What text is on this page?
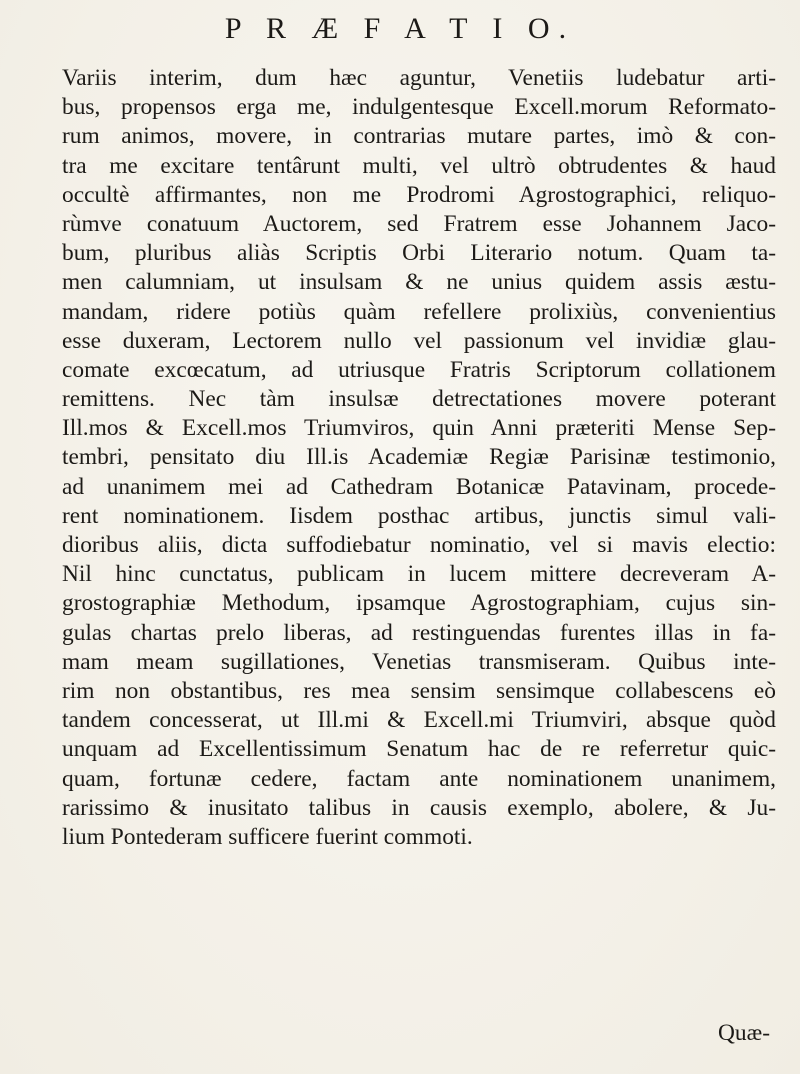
P R Æ F A T I O.
Variis interim, dum hæc aguntur, Venetiis ludebatur arti-
bus, propensos erga me, indulgentesque Excell.morum Reformato-
rum animos, movere, in contrarias mutare partes, imò & con-
tra me excitare tentârunt multi, vel ultrò obtrudentes & haud
occultè affirmantes, non me Prodromi Agrostographici, reliquo-
rùmve conatuum Auctorem, sed Fratrem esse Johannem Jaco-
bum, pluribus aliàs Scriptis Orbi Literario notum. Quam ta-
men calumniam, ut insulsam & ne unius quidem assis æstu-
mandam, ridere potiùs quàm refellere prolixiùs, convenientius
esse duxeram, Lectorem nullo vel passionum vel invidiæ glau-
comate excœcatum, ad utriusque Fratris Scriptorum collationem
remittens. Nec tàm insulsæ detrectationes movere poterant
Ill.mos & Excell.mos Triumviros, quin Anni præteriti Mense Sep-
tembri, pensitato diu Ill.is Academiæ Regiæ Parisinæ testimonio,
ad unanimem mei ad Cathedram Botanicæ Patavinam, procede-
rent nominationem. Iisdem posthac artibus, junctis simul vali-
dioribus aliis, dicta suffodiebatur nominatio, vel si mavis electio:
Nil hinc cunctatus, publicam in lucem mittere decreveram A-
grostographiæ Methodum, ipsamque Agrostographiam, cujus sin-
gulas chartas prelo liberas, ad restinguendas furentes illas in fa-
mam meam sugillationes, Venetias transmiseram. Quibus inte-
rim non obstantibus, res mea sensim sensimque collabescens eò
tandem concesserat, ut Ill.mi & Excell.mi Triumviri, absque quòd
unquam ad Excellentissimum Senatum hac de re referretur quic-
quam, fortunæ cedere, factam ante nominationem unanimem,
rarissimo & inusitato talibus in causis exemplo, abolere, & Ju-
lium Pontederam sufficere fuerint commoti.
Quæ-
